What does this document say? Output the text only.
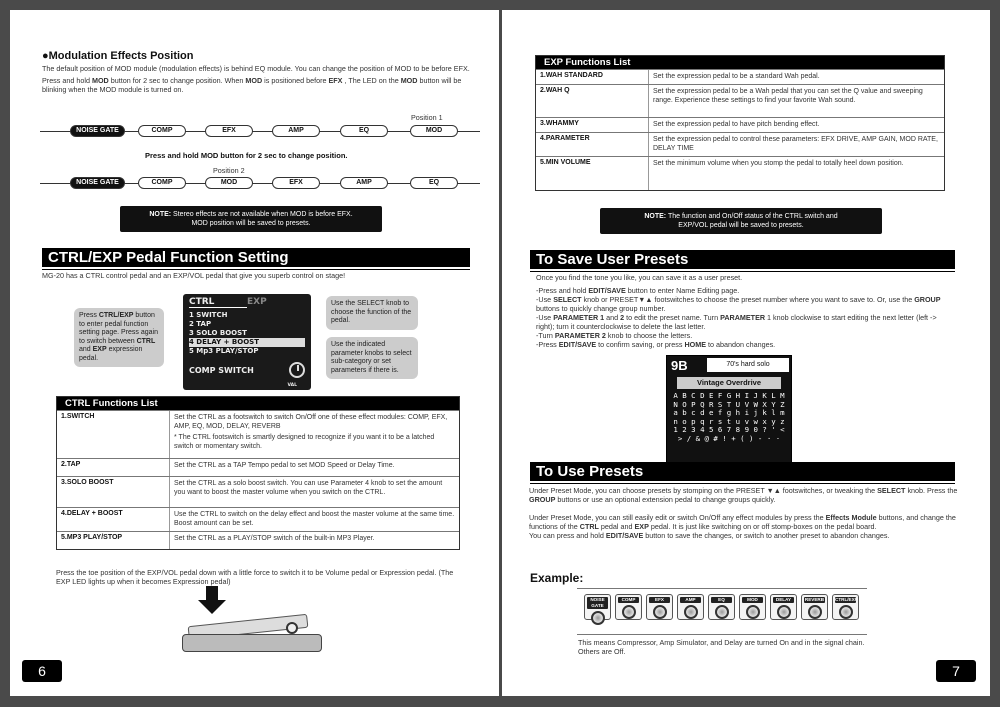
●Modulation Effects Position

The default position of MOD module (modulation effects) is behind EQ module. You can change the position of MOD to be before EFX.

Press and hold MOD button for 2 sec to change position. When MOD is positioned before EFX , The LED on the MOD button will be blinking when the MOD module is turned on.

Position 1
NOISE GATE	COMP	EFX	AMP	EQ	MOD
Press and hold MOD button for 2 sec to change position.
Position 2
NOISE GATE	COMP	MOD	EFX	AMP	EQ
NOTE: Stereo effects are not available when MOD is before EFX.
MOD position will be saved to presets.
CTRL/EXP Pedal Function Setting

MG-20 has a CTRL control pedal and an EXP/VOL pedal that give you superb control on stage!

Press CTRL/EXP button to enter pedal function setting page. Press again to switch between CTRL and EXP expression pedal.
CTRL	EXP
1 SWITCH
2 TAP
3 SOLO BOOST
4 DELAY + BOOST
5 Mp3 PLAY/STOP
COMP SWITCH
VAL
Use the SELECT knob to choose the function of the pedal.
Use the indicated parameter knobs to select sub-category or set parameters if there is.
CTRL Functions List
1.SWITCH	Set the CTRL as a footswitch to switch On/Off one of these effect modules: COMP, EFX, AMP, EQ, MOD, DELAY, REVERB
* The CTRL footswitch is smartly designed to recognize if you want it to be a latched switch or momentary switch.
2.TAP	Set the CTRL as a TAP Tempo pedal to set MOD Speed or Delay Time.
3.SOLO BOOST	Set the CTRL as a solo boost switch. You can use Parameter 4 knob to set the amount you want to boost the master volume when you switch on the CTRL.
4.DELAY + BOOST	Use the CTRL to switch on the delay effect and boost the master volume at the same time. Boost amount can be set.
5.MP3 PLAY/STOP	Set the CTRL as a PLAY/STOP switch of the built-in MP3 Player.

Press the toe position of the EXP/VOL pedal down with a little force to switch it to be Volume pedal or Expression pedal. (The EXP LED lights up when it becomes Expression pedal)

6
EXP Functions List
1.WAH STANDARD	Set the expression pedal to be a standard Wah pedal.
2.WAH Q	Set the expression pedal to be a Wah pedal that you can set the Q value and sweeping range. Experience these settings to find your favorite Wah sound.
3.WHAMMY	Set the expression pedal to have pitch bending effect.
4.PARAMETER	Set the expression pedal to control these parameters: EFX DRIVE, AMP GAIN, MOD RATE, DELAY TIME
5.MIN VOLUME	Set the minimum volume when you stomp the pedal to totally heel down position.
NOTE: The function and On/Off status of the CTRL switch and
EXP/VOL pedal will be saved to presets.
To Save User Presets

Once you find the tone you like, you can save it as a user preset.

-Press and hold EDIT/SAVE button to enter Name Editing page.
-Use SELECT knob or PRESET▼▲ footswitches to choose the preset number where you want to save to. Or, use the GROUP buttons to quickly change group number.
-Use PARAMETER 1 and 2 to edit the preset name. Turn PARAMETER 1 knob clockwise to start editing the next letter (left -> right); turn it counterclockwise to delete the last letter.
-Turn PARAMETER 2 knob to choose the letters.
-Press EDIT/SAVE to confirm saving, or press HOME to abandon changes.
9B	70's hard solo
Vintage Overdrive
A B C D E F G H I J K L M
N O P Q R S T U V W X Y Z
a b c d e f g h i j k l m
n o p q r s t u v w x y z
1 2 3 4 5 6 7 8 9 0 ? ' <
> / & @ # ! + ( ) - · ·
To Use Presets

Under Preset Mode, you can choose presets by stomping on the PRESET ▼▲ footswitches, or tweaking the SELECT knob. Press the GROUP buttons or use an optional extension pedal to change groups quickly.

Under Preset Mode, you can still easily edit or switch On/Off any effect modules by press the Effects Module buttons, and change the functions of the CTRL pedal and EXP pedal. It is just like switching on or off stomp-boxes on the pedal board.

You can press and hold EDIT/SAVE button to save the changes, or switch to another preset to abandon changes.

Example:
NOISE GATE
COMP	EFX	AMP	EQ	MOD	DELAY	REVERB CTRL/EXP

This means Compressor, Amp Simulator, and Delay are turned On and in the signal chain. Others are Off.

7
